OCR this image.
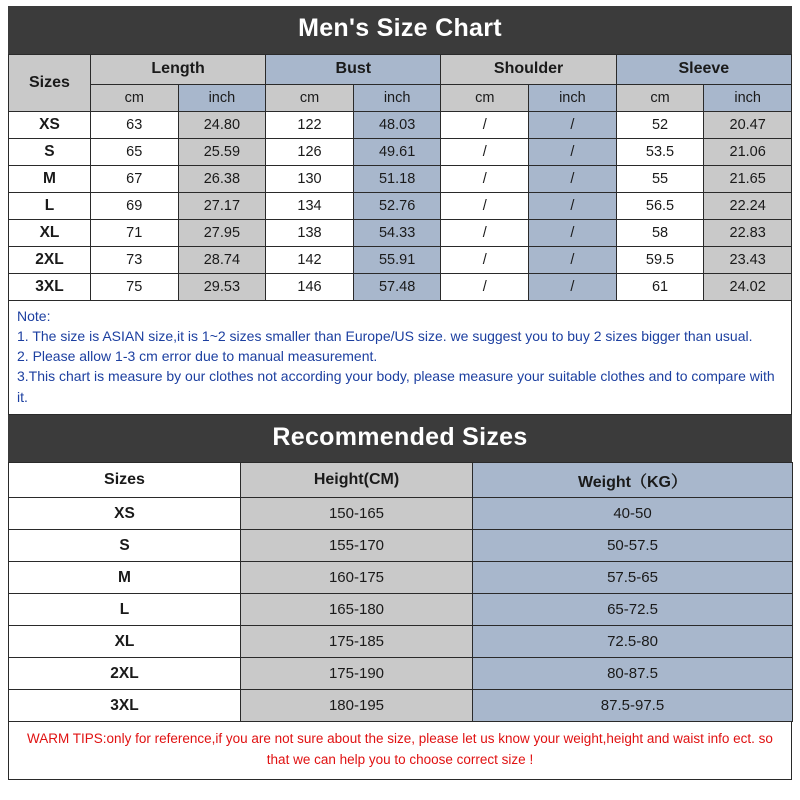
Men's Size Chart
Sizes	Length		Bust		Shoulder		Sleeve	
	cm	inch	cm	inch	cm	inch	cm	inch
XS	63	24.80	122	48.03	/	/	52	20.47
S	65	25.59	126	49.61	/	/	53.5	21.06
M	67	26.38	130	51.18	/	/	55	21.65
L	69	27.17	134	52.76	/	/	56.5	22.24
XL	71	27.95	138	54.33	/	/	58	22.83
2XL	73	28.74	142	55.91	/	/	59.5	23.43
3XL	75	29.53	146	57.48	/	/	61	24.02
Note:
1. The size is ASIAN size,it is 1~2 sizes smaller than Europe/US size. we suggest you to buy 2 sizes bigger than usual.
2. Please allow 1-3 cm error due to manual measurement.
3.This chart is measure by our clothes not according your body, please measure your suitable clothes and to compare with it.
Recommended Sizes
Sizes	Height(CM)	Weight（KG）
XS	150-165	40-50
S	155-170	50-57.5
M	160-175	57.5-65
L	165-180	65-72.5
XL	175-185	72.5-80
2XL	175-190	80-87.5
3XL	180-195	87.5-97.5
WARM TIPS:only for reference,if you are not sure about the size, please let us know your weight,height and waist info ect. so that we can help you to choose correct size !
